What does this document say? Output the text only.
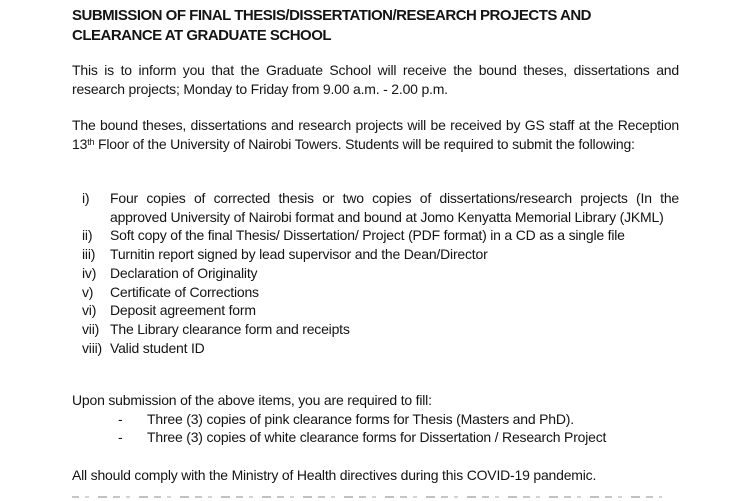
SUBMISSION OF FINAL THESIS/DISSERTATION/RESEARCH PROJECTS AND CLEARANCE AT GRADUATE SCHOOL

This is to inform you that the Graduate School will receive the bound theses, dissertations and research projects; Monday to Friday from 9.00 a.m. - 2.00 p.m.

The bound theses, dissertations and research projects will be received by GS staff at the Reception 13th Floor of the University of Nairobi Towers. Students will be required to submit the following:

i)	Four copies of corrected thesis or two copies of dissertations/research projects (In the approved University of Nairobi format and bound at Jomo Kenyatta Memorial Library (JKML)
ii)	Soft copy of the final Thesis/ Dissertation/ Project (PDF format) in a CD as a single file
iii)	Turnitin report signed by lead supervisor and the Dean/Director
iv) Declaration of Originality
v)	Certificate of Corrections
vi) Deposit agreement form
vii) The Library clearance form and receipts
viii) Valid student ID
Upon submission of the above items, you are required to fill:
-	Three (3) copies of pink clearance forms for Thesis (Masters and PhD).
-	Three (3) copies of white clearance forms for Dissertation / Research Project

All should comply with the Ministry of Health directives during this COVID-19 pandemic.
